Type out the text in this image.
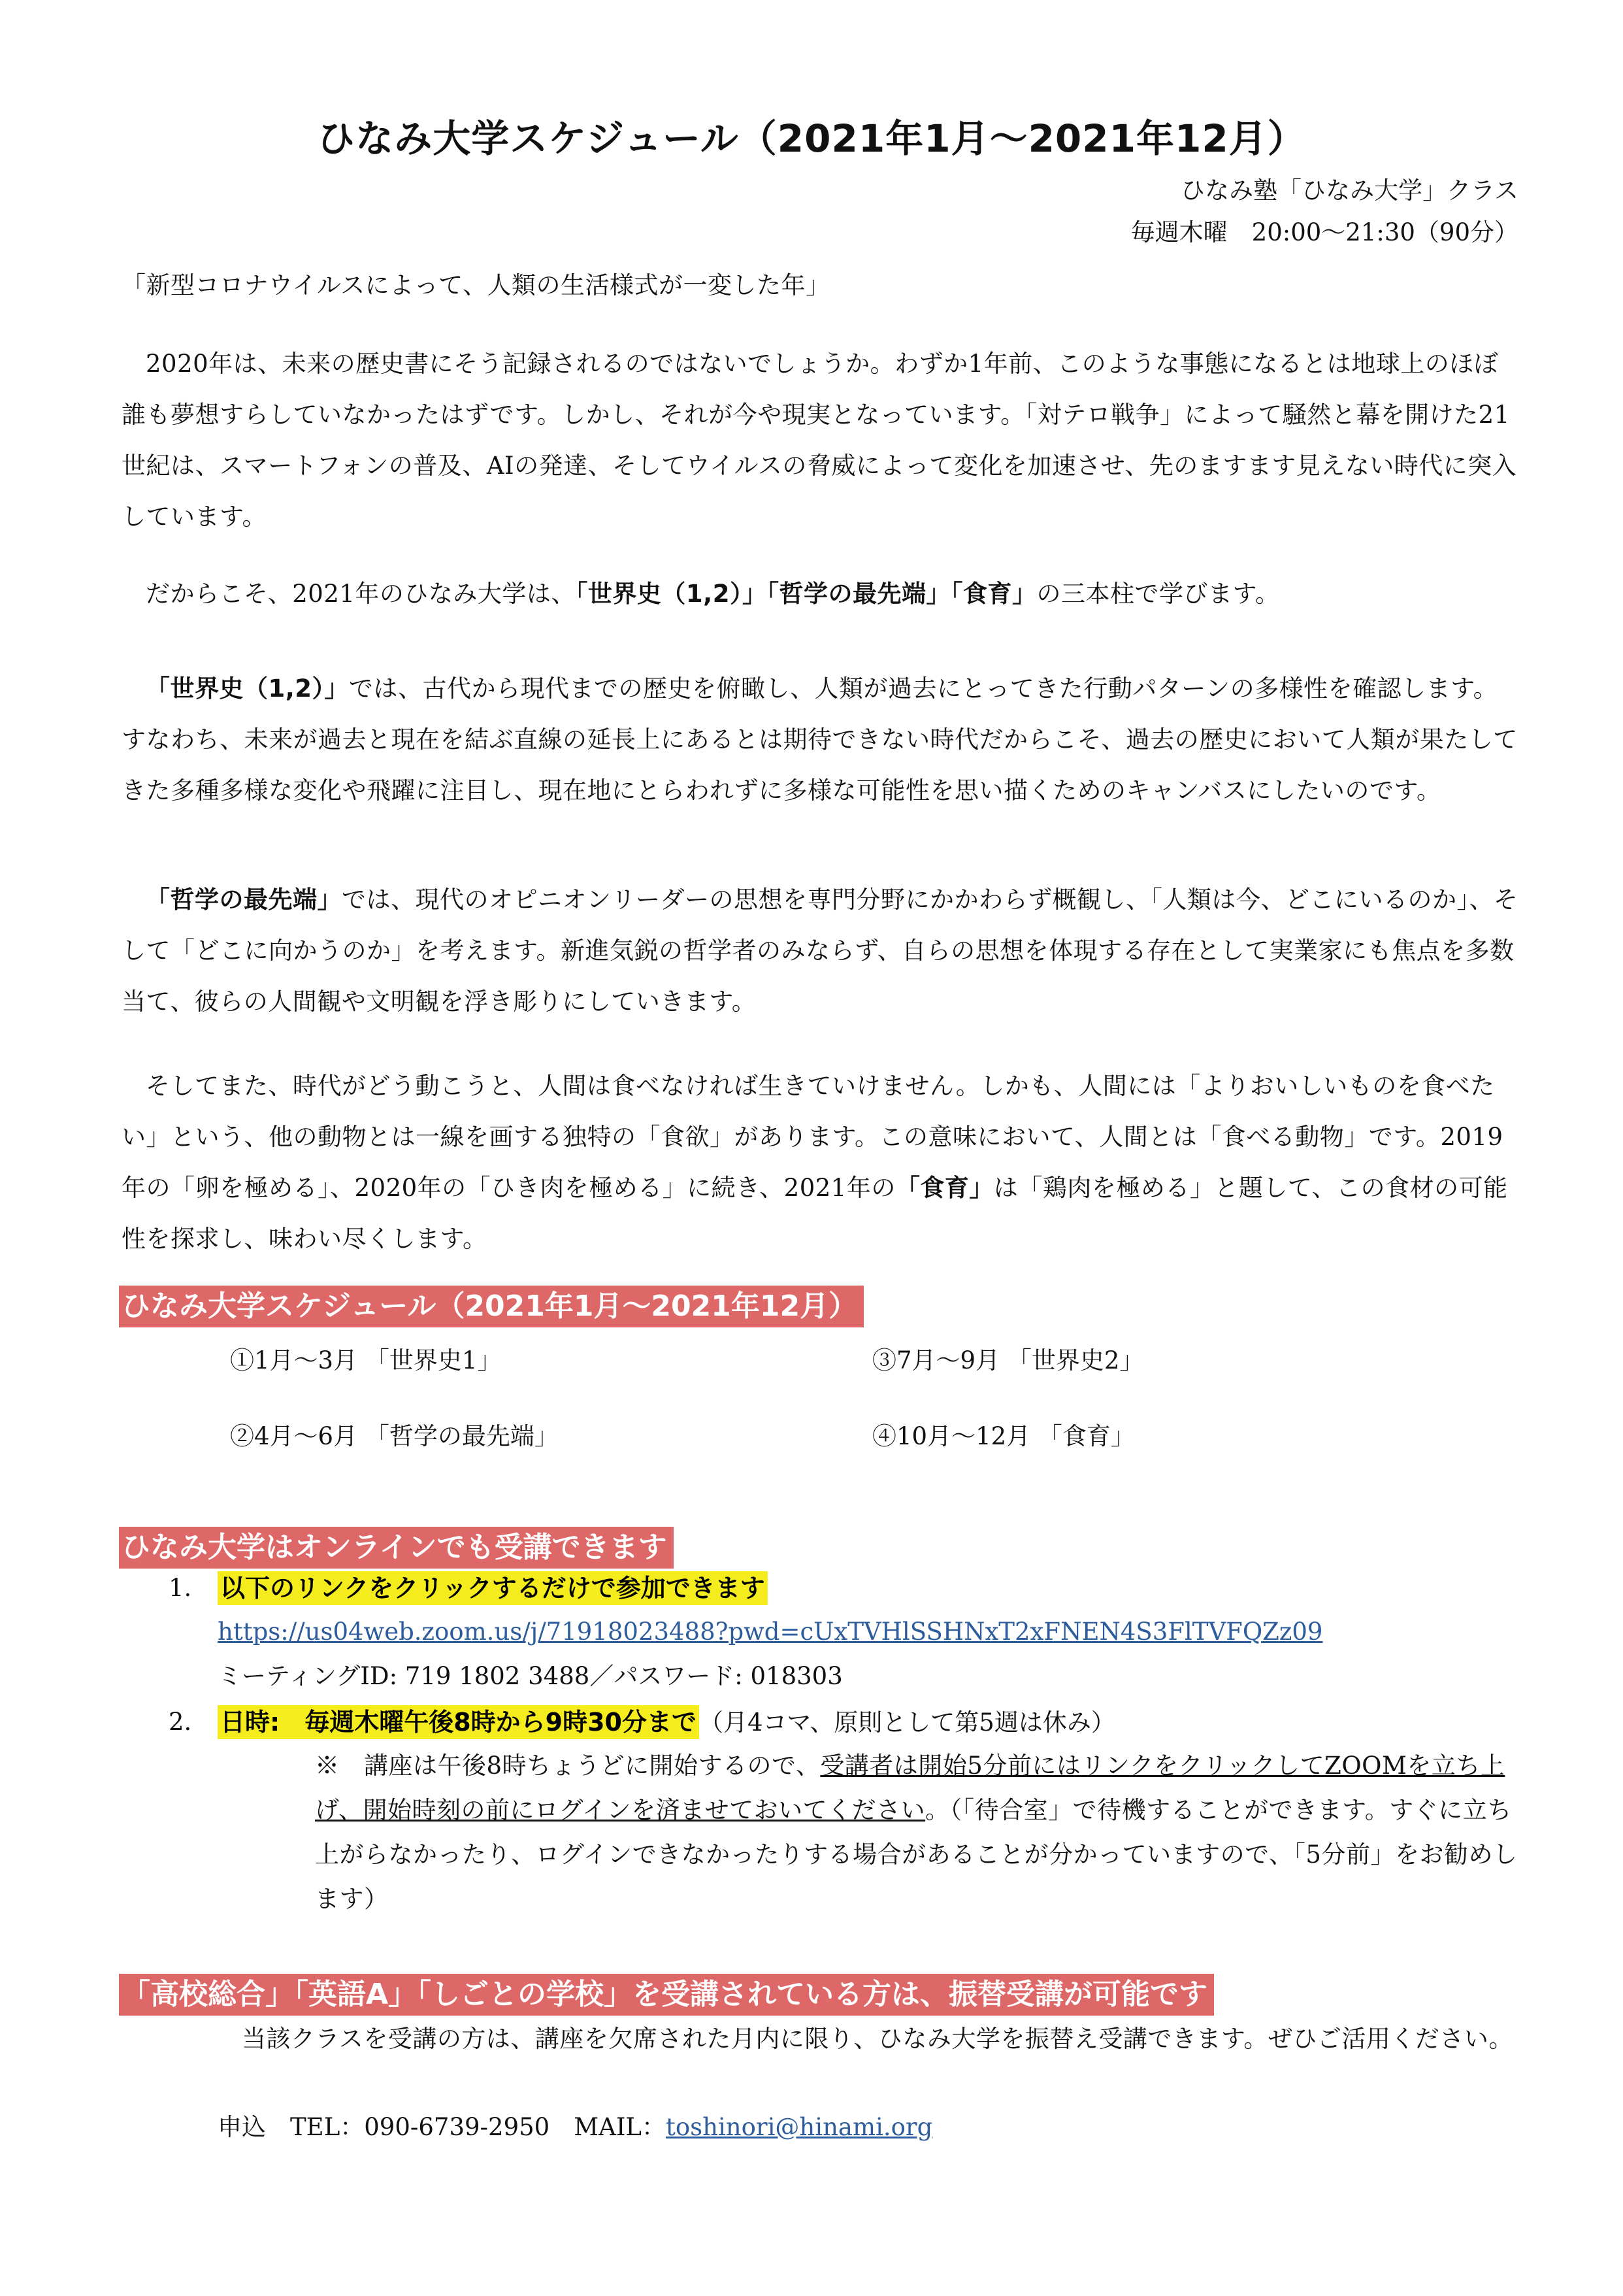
ひなみ大学スケジュール（2021年1月〜2021年12月）
ひなみ塾「ひなみ大学」クラス
毎週木曜　20:00〜21:30（90分）

「新型コロナウイルスによって、人類の生活様式が一変した年」

2020年は、未来の歴史書にそう記録されるのではないでしょうか。わずか1年前、このような事態になるとは地球上のほぼ誰も夢想すらしていなかったはずです。しかし、それが今や現実となっています。「対テロ戦争」によって騒然と幕を開けた21世紀は、スマートフォンの普及、AIの発達、そしてウイルスの脅威によって変化を加速させ、先のますます見えない時代に突入しています。

だからこそ、2021年のひなみ大学は、「世界史（1,2）」「哲学の最先端」「食育」の三本柱で学びます。

「世界史（1,2）」では、古代から現代までの歴史を俯瞰し、人類が過去にとってきた行動パターンの多様性を確認します。すなわち、未来が過去と現在を結ぶ直線の延長上にあるとは期待できない時代だからこそ、過去の歴史において人類が果たしてきた多種多様な変化や飛躍に注目し、現在地にとらわれずに多様な可能性を思い描くためのキャンバスにしたいのです。

「哲学の最先端」では、現代のオピニオンリーダーの思想を専門分野にかかわらず概観し、「人類は今、どこにいるのか」、そして「どこに向かうのか」を考えます。新進気鋭の哲学者のみならず、自らの思想を体現する存在として実業家にも焦点を多数当て、彼らの人間観や文明観を浮き彫りにしていきます。

そしてまた、時代がどう動こうと、人間は食べなければ生きていけません。しかも、人間には「よりおいしいものを食べたい」という、他の動物とは一線を画する独特の「食欲」があります。この意味において、人間とは「食べる動物」です。2019年の「卵を極める」、2020年の「ひき肉を極める」に続き、2021年の「食育」は「鶏肉を極める」と題して、この食材の可能性を探求し、味わい尽くします。

ひなみ大学スケジュール（2021年1月〜2021年12月）
①1月〜3月 「世界史1」
②4月〜6月 「哲学の最先端」
③7月〜9月 「世界史2」
④10月〜12月 「食育」
ひなみ大学はオンラインでも受講できます
1. 以下のリンクをクリックするだけで参加できます
https://us04web.zoom.us/j/71918023488?pwd=cUxTVHlSSHNxT2xFNEN4S3FlTVFQZz09
ミーティングID: 719 1802 3488／パスワード: 018303
2. 日時:　毎週木曜午後8時から9時30分まで （月4コマ、原則として第5週は休み）

※　講座は午後8時ちょうどに開始するので、受講者は開始5分前にはリンクをクリックしてZOOMを立ち上げ、開始時刻の前にログインを済ませておいてください。（「待合室」で待機することができます。すぐに立ち上がらなかったり、ログインできなかったりする場合があることが分かっていますので、「5分前」をお勧めします）

「高校総合」「英語A」「しごとの学校」を受講されている方は、振替受講が可能です

当該クラスを受講の方は、講座を欠席された月内に限り、ひなみ大学を振替え受講できます。ぜひご活用ください。

申込　TEL：090-6739-2950　MAIL：toshinori@hinami.org
